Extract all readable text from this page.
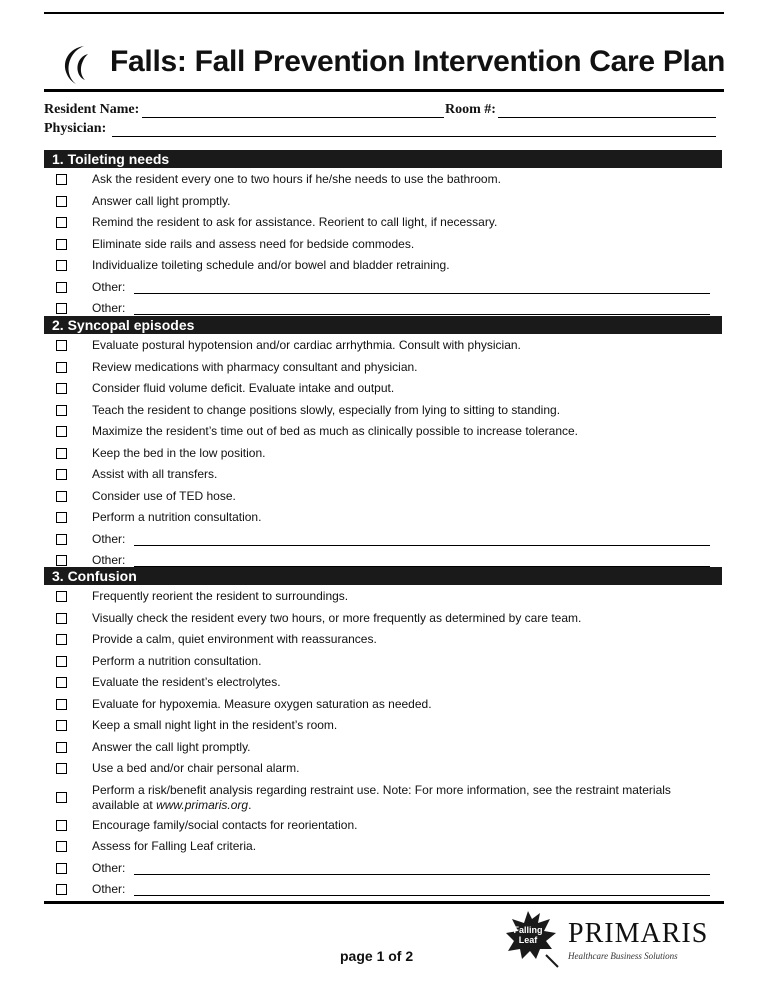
Falls: Fall Prevention Intervention Care Plan
Resident Name:	Room #:
Physician:
1. Toileting needs
Ask the resident every one to two hours if he/she needs to use the bathroom.
Answer call light promptly.
Remind the resident to ask for assistance. Reorient to call light, if necessary.
Eliminate side rails and assess need for bedside commodes.
Individualize toileting schedule and/or bowel and bladder retraining.
Other:
Other:
2. Syncopal episodes
Evaluate postural hypotension and/or cardiac arrhythmia. Consult with physician.
Review medications with pharmacy consultant and physician.
Consider fluid volume deficit. Evaluate intake and output.
Teach the resident to change positions slowly, especially from lying to sitting to standing.
Maximize the resident’s time out of bed as much as clinically possible to increase tolerance.
Keep the bed in the low position.
Assist with all transfers.
Consider use of TED hose.
Perform a nutrition consultation.
Other:
Other:
3. Confusion
Frequently reorient the resident to surroundings.
Visually check the resident every two hours, or more frequently as determined by care team.
Provide a calm, quiet environment with reassurances.
Perform a nutrition consultation.
Evaluate the resident’s electrolytes.
Evaluate for hypoxemia. Measure oxygen saturation as needed.
Keep a small night light in the resident’s room.
Answer the call light promptly.
Use a bed and/or chair personal alarm.
Perform a risk/benefit analysis regarding restraint use. Note: For more information, see the restraint materials available at www.primaris.org.
Encourage family/social contacts for reorientation.
Assess for Falling Leaf criteria.
Other:
Other:
page 1 of 2
Falling
Leaf	PRIMARIS
Healthcare Business Solutions
